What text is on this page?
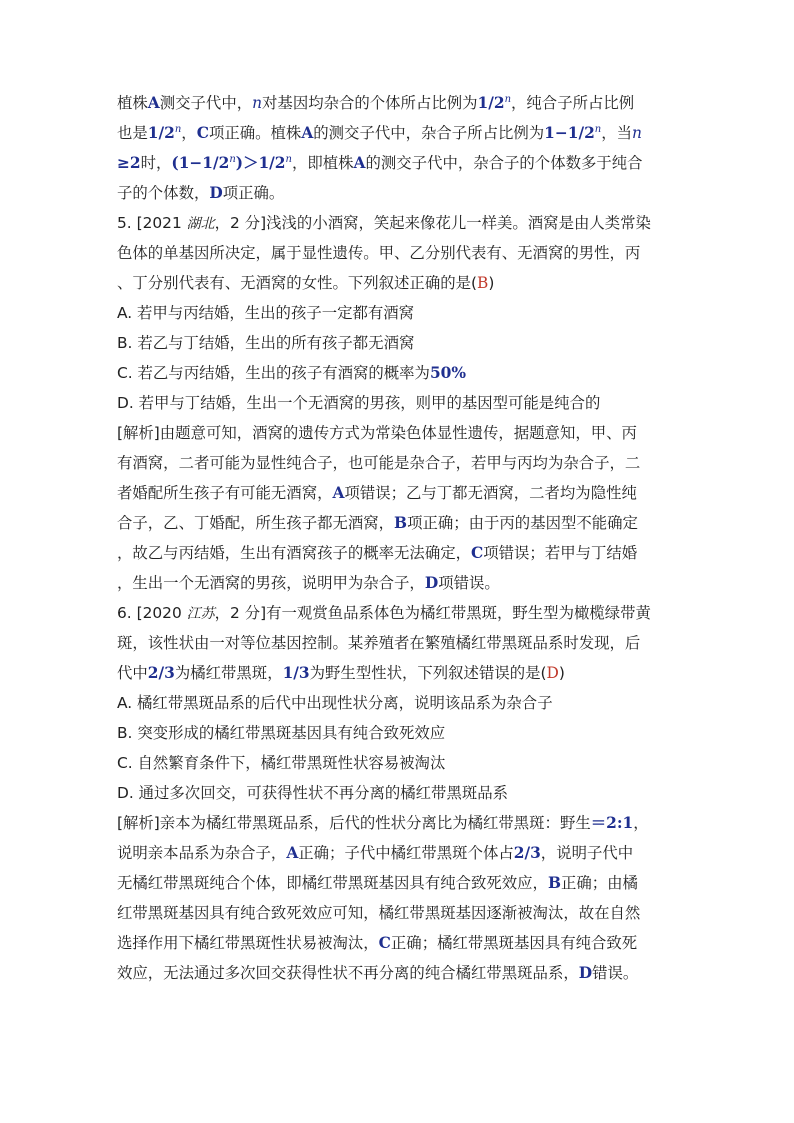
植株A测交子代中，n对基因均杂合的个体所占比例为1/2$^n$，纯合子所占比例
也是1/2$^n$，C项正确。植株A的测交子代中，杂合子所占比例为$1-1/2^n$，当n
≥2时，$(1-1/2^n)>1/2^n$，即植株A的测交子代中，杂合子的个体数多于纯合
子的个体数，D项正确。
5. [2021 湖北，2 分]浅浅的小酒窝，笑起来像花儿一样美。酒窝是由人类常染
色体的单基因所决定，属于显性遗传。甲、乙分别代表有、无酒窝的男性，丙
、丁分别代表有、无酒窝的女性。下列叙述正确的是(B)
A. 若甲与丙结婚，生出的孩子一定都有酒窝
B. 若乙与丁结婚，生出的所有孩子都无酒窝
C. 若乙与丙结婚，生出的孩子有酒窝的概率为50%
D. 若甲与丁结婚，生出一个无酒窝的男孩，则甲的基因型可能是纯合的
[解析]由题意可知，酒窝的遗传方式为常染色体显性遗传，据题意知，甲、丙
有酒窝，二者可能为显性纯合子，也可能是杂合子，若甲与丙均为杂合子，二
者婚配所生孩子有可能无酒窝，A项错误；乙与丁都无酒窝，二者均为隐性纯
合子，乙、丁婚配，所生孩子都无酒窝，B项正确；由于丙的基因型不能确定
，故乙与丙结婚，生出有酒窝孩子的概率无法确定，C项错误；若甲与丁结婚
，生出一个无酒窝的男孩，说明甲为杂合子，D项错误。
6. [2020 江苏，2 分]有一观赏鱼品系体色为橘红带黑斑，野生型为橄榄绿带黄
斑，该性状由一对等位基因控制。某养殖者在繁殖橘红带黑斑品系时发现，后
代中2/3为橘红带黑斑，1/3为野生型性状，下列叙述错误的是(D)
A. 橘红带黑斑品系的后代中出现性状分离，说明该品系为杂合子
B. 突变形成的橘红带黑斑基因具有纯合致死效应
C. 自然繁育条件下，橘红带黑斑性状容易被淘汰
D. 通过多次回交，可获得性状不再分离的橘红带黑斑品系
[解析]亲本为橘红带黑斑品系，后代的性状分离比为橘红带黑斑：野生＝2:1，
说明亲本品系为杂合子，A正确；子代中橘红带黑斑个体占2/3，说明子代中
无橘红带黑斑纯合个体，即橘红带黑斑基因具有纯合致死效应，B正确；由橘
红带黑斑基因具有纯合致死效应可知，橘红带黑斑基因逐渐被淘汰，故在自然
选择作用下橘红带黑斑性状易被淘汰，C正确；橘红带黑斑基因具有纯合致死
效应，无法通过多次回交获得性状不再分离的纯合橘红带黑斑品系，D错误。
